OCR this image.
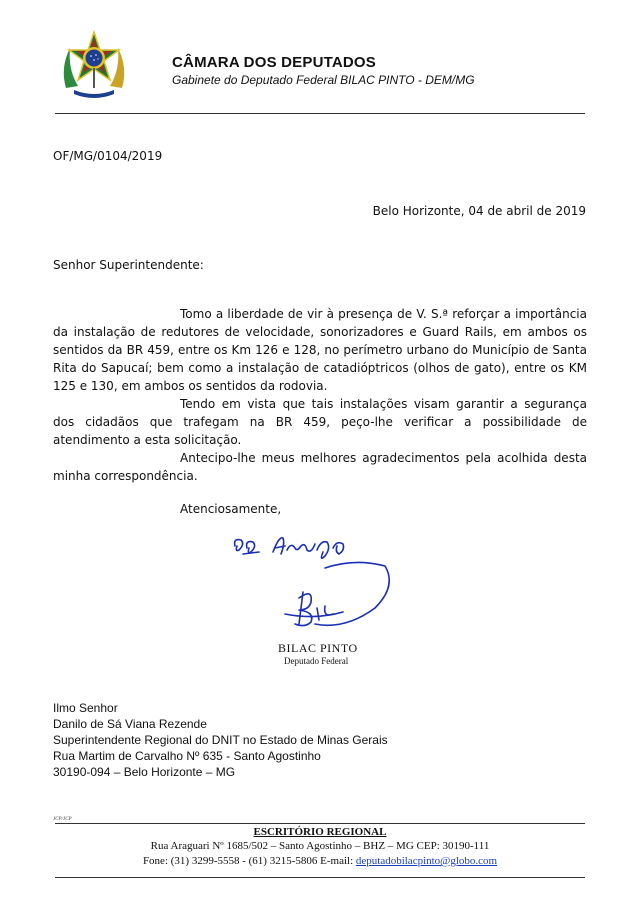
CÂMARA DOS DEPUTADOS
Gabinete do Deputado Federal BILAC PINTO - DEM/MG
OF/MG/0104/2019
Belo Horizonte, 04 de abril de 2019
Senhor Superintendente:
Tomo a liberdade de vir à presença de V. S.ª reforçar a importância da instalação de redutores de velocidade, sonorizadores e Guard Rails, em ambos os sentidos da BR 459, entre os Km 126 e 128, no perímetro urbano do Município de Santa Rita do Sapucaí; bem como a instalação de catadióptricos (olhos de gato), entre os KM 125 e 130, em ambos os sentidos da rodovia.
Tendo em vista que tais instalações visam garantir a segurança dos cidadãos que trafegam na BR 459, peço-lhe verificar a possibilidade de atendimento a esta solicitação.
Antecipo-lhe meus melhores agradecimentos pela acolhida desta minha correspondência.
Atenciosamente,
BILAC PINTO
Deputado Federal
Ilmo Senhor
Danilo de Sá Viana Rezende
Superintendente Regional do DNIT no Estado de Minas Gerais
Rua Martim de Carvalho Nº 635 - Santo Agostinho
30190-094 – Belo Horizonte – MG
JCP/JCP
ESCRITÓRIO REGIONAL
Rua Araguari Nº 1685/502 – Santo Agostinho – BHZ – MG CEP: 30190-111
Fone: (31) 3299-5558 - (61) 3215-5806 E-mail: deputadobilacpinto@globo.com
